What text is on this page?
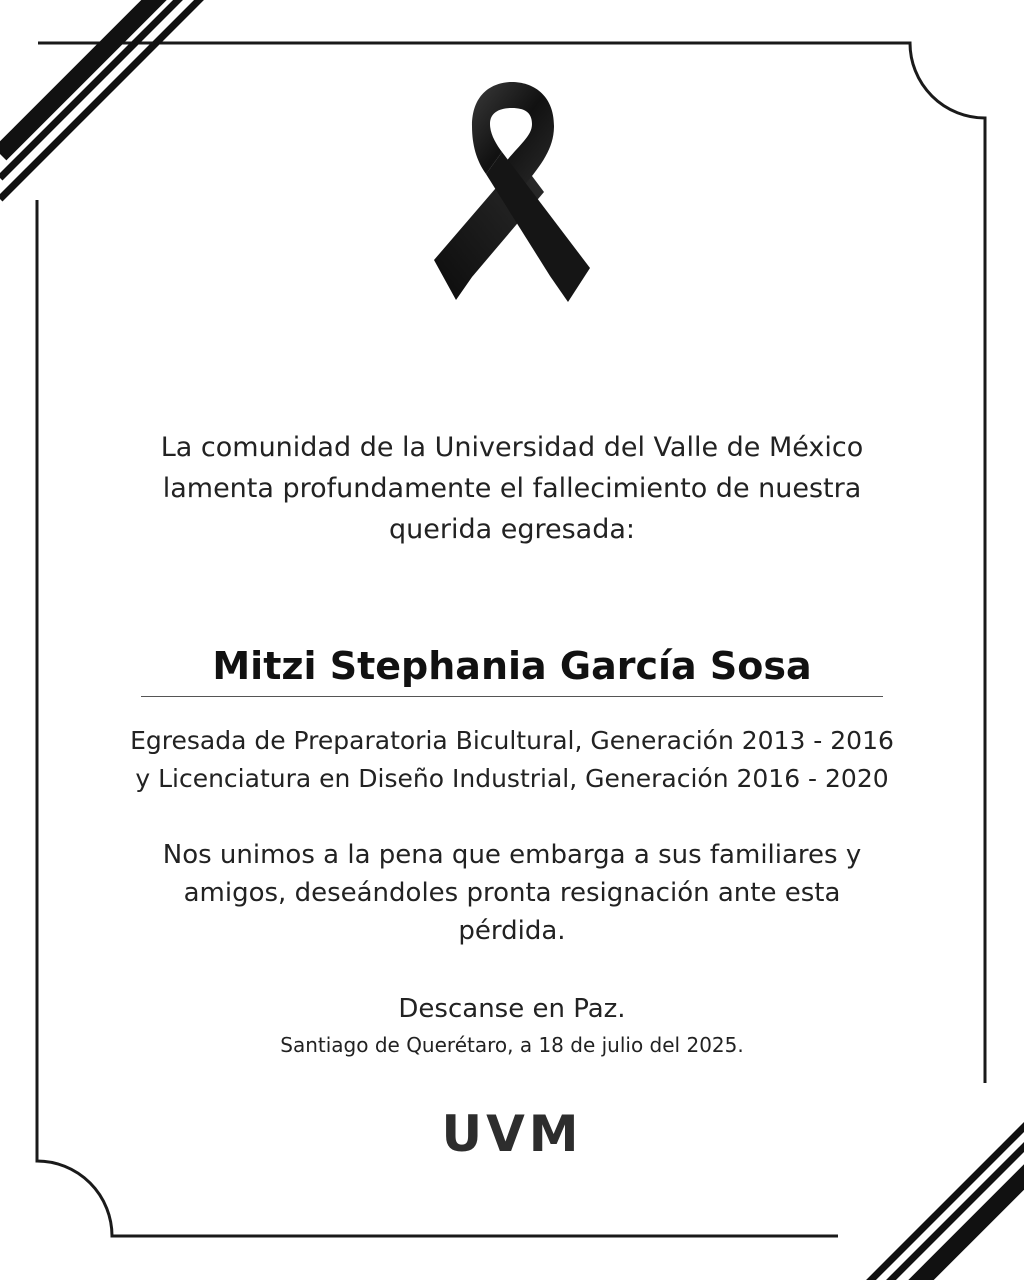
La comunidad de la Universidad del Valle de México
lamenta profundamente el fallecimiento de nuestra
querida egresada:

Mitzi Stephania García Sosa

Egresada de Preparatoria Bicultural, Generación 2013 - 2016
y Licenciatura en Diseño Industrial, Generación 2016 - 2020

Nos unimos a la pena que embarga a sus familiares y
amigos, deseándoles pronta resignación ante esta
pérdida.

Descanse en Paz.

Santiago de Querétaro, a 18 de julio del 2025.

UVM
